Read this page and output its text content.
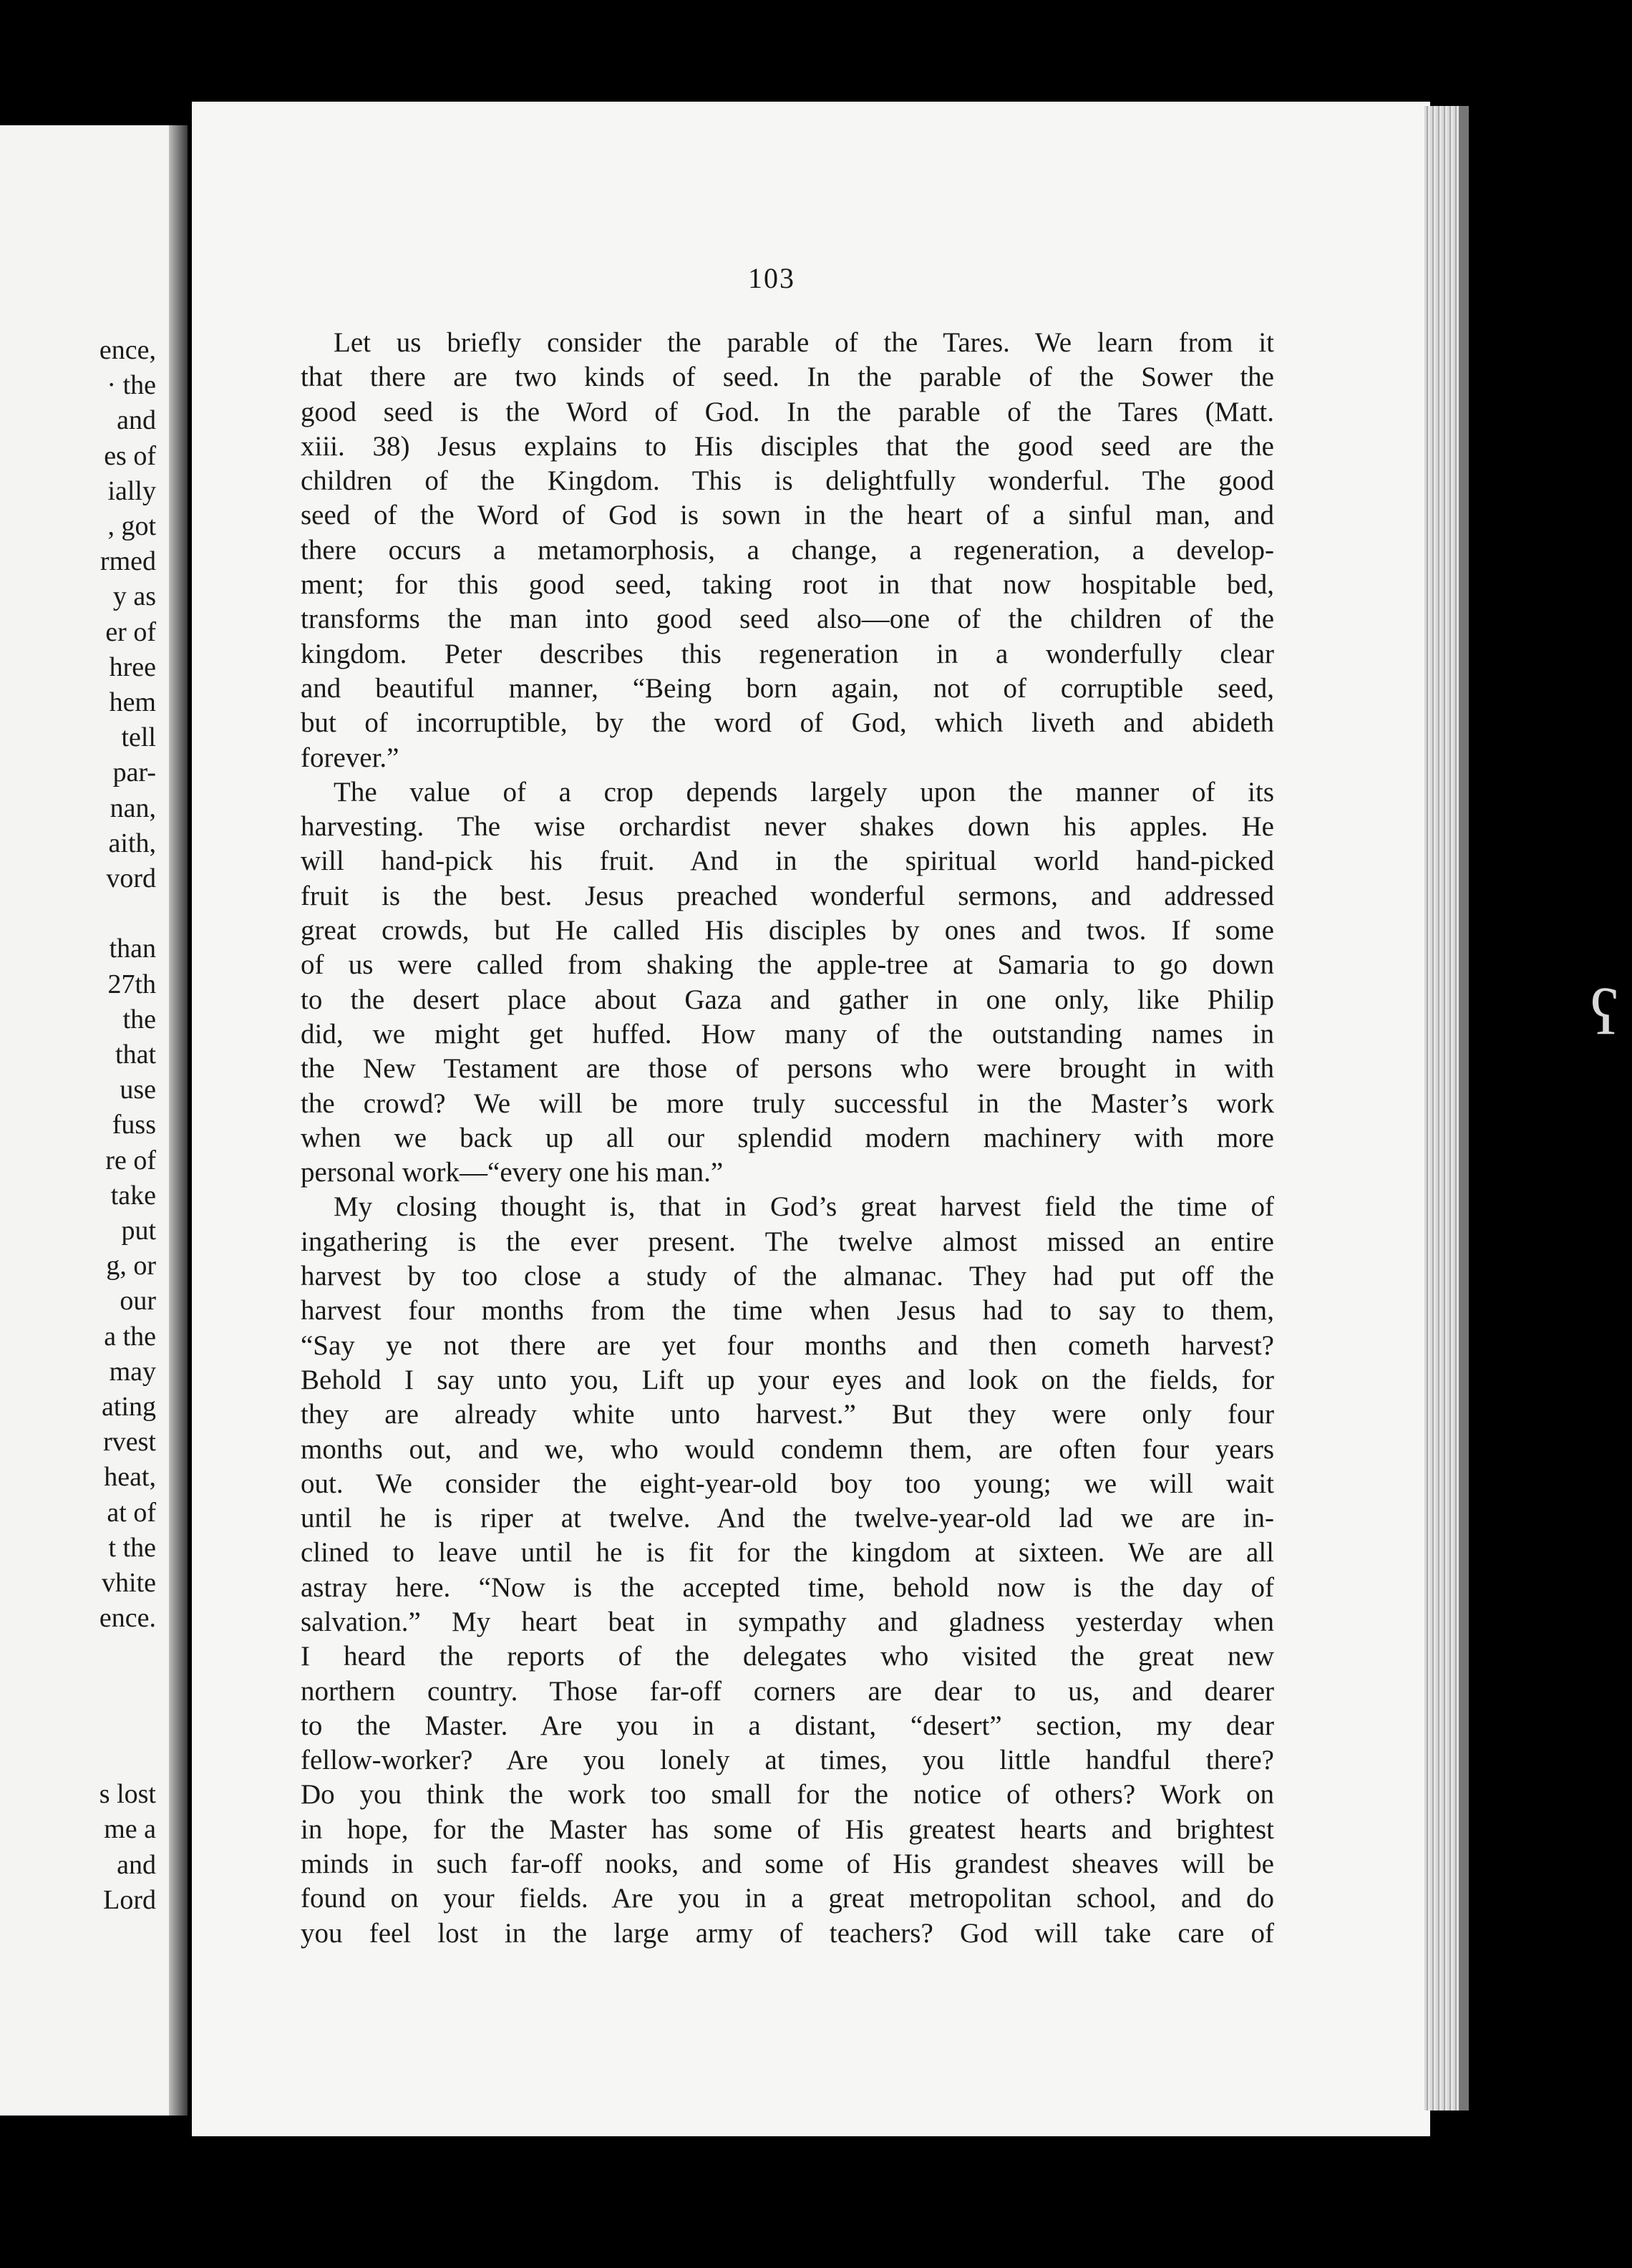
ence,
· the
and
es of
ially
, got
rmed
y as
er of
hree
hem
tell
par-
nan,
aith,
vord
than
27th
the
that
use
fuss
re of
take
put
g, or
our
a the
may
ating
rvest
heat,
at of
t the
vhite
ence.
s lost
me a
and
Lord
ʕ
103
Let us briefly consider the parable of the Tares. We learn from it
that there are two kinds of seed. In the parable of the Sower the
good seed is the Word of God. In the parable of the Tares (Matt.
xiii. 38) Jesus explains to His disciples that the good seed are the
children of the Kingdom. This is delightfully wonderful. The good
seed of the Word of God is sown in the heart of a sinful man, and
there occurs a metamorphosis, a change, a regeneration, a develop-
ment; for this good seed, taking root in that now hospitable bed,
transforms the man into good seed also—one of the children of the
kingdom. Peter describes this regeneration in a wonderfully clear
and beautiful manner, “Being born again, not of corruptible seed,
but of incorruptible, by the word of God, which liveth and abideth
forever.”
The value of a crop depends largely upon the manner of its
harvesting. The wise orchardist never shakes down his apples. He
will hand-pick his fruit. And in the spiritual world hand-picked
fruit is the best. Jesus preached wonderful sermons, and addressed
great crowds, but He called His disciples by ones and twos. If some
of us were called from shaking the apple-tree at Samaria to go down
to the desert place about Gaza and gather in one only, like Philip
did, we might get huffed. How many of the outstanding names in
the New Testament are those of persons who were brought in with
the crowd? We will be more truly successful in the Master’s work
when we back up all our splendid modern machinery with more
personal work—“every one his man.”
My closing thought is, that in God’s great harvest field the time of
ingathering is the ever present. The twelve almost missed an entire
harvest by too close a study of the almanac. They had put off the
harvest four months from the time when Jesus had to say to them,
“Say ye not there are yet four months and then cometh harvest?
Behold I say unto you, Lift up your eyes and look on the fields, for
they are already white unto harvest.” But they were only four
months out, and we, who would condemn them, are often four years
out. We consider the eight-year-old boy too young; we will wait
until he is riper at twelve. And the twelve-year-old lad we are in-
clined to leave until he is fit for the kingdom at sixteen. We are all
astray here. “Now is the accepted time, behold now is the day of
salvation.” My heart beat in sympathy and gladness yesterday when
I heard the reports of the delegates who visited the great new
northern country. Those far-off corners are dear to us, and dearer
to the Master. Are you in a distant, “desert” section, my dear
fellow-worker? Are you lonely at times, you little handful there?
Do you think the work too small for the notice of others? Work on
in hope, for the Master has some of His greatest hearts and brightest
minds in such far-off nooks, and some of His grandest sheaves will be
found on your fields. Are you in a great metropolitan school, and do
you feel lost in the large army of teachers? God will take care of
